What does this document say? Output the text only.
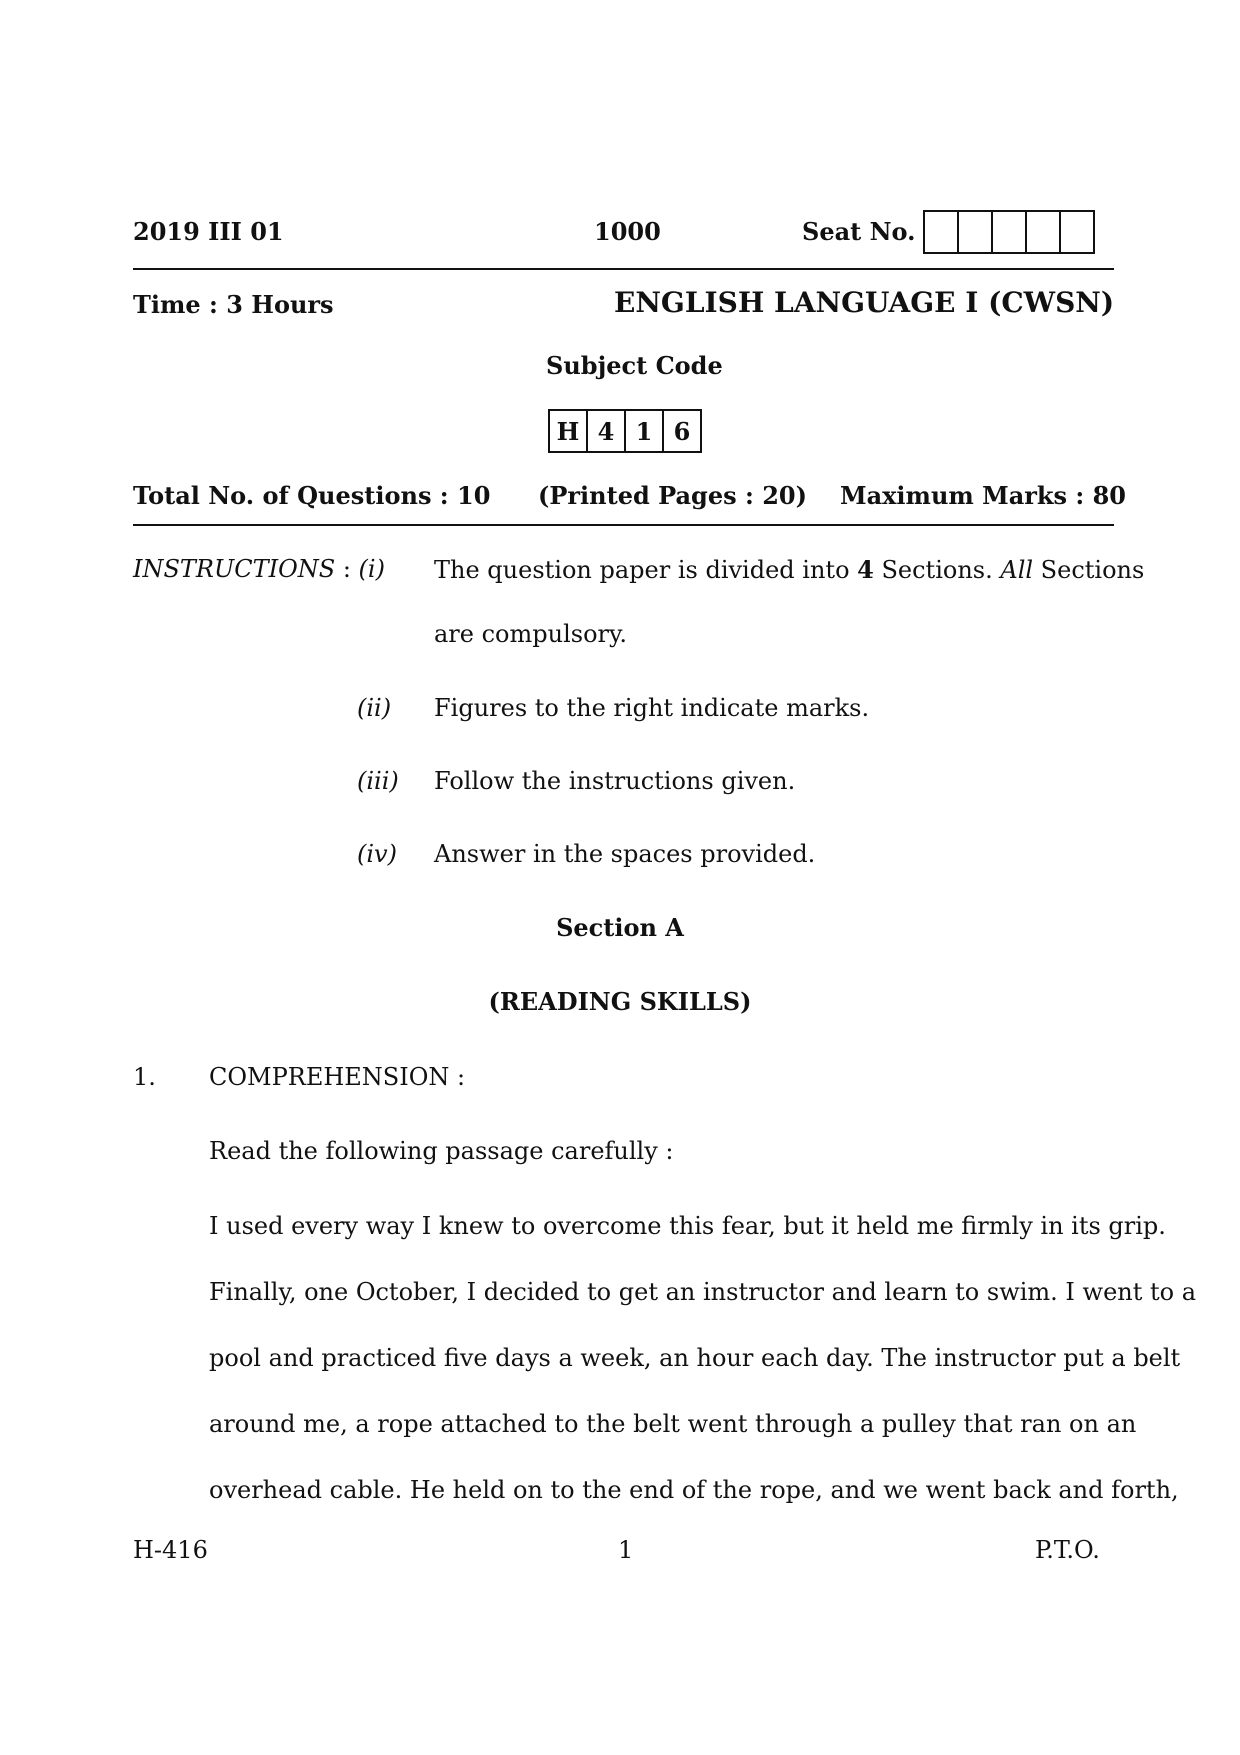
2019 III 01	1000	Seat No.
Time : 3 Hours	ENGLISH LANGUAGE I (CWSN)
Subject Code
H 4 1 6
Total No. of Questions : 10 (Printed Pages : 20) Maximum Marks : 80
INSTRUCTIONS : (i) The question paper is divided into 4 Sections. All Sections
are compulsory.
(ii) Figures to the right indicate marks.
(iii) Follow the instructions given.
(iv) Answer in the spaces provided.
Section A
(READING SKILLS)
1. COMPREHENSION :
Read the following passage carefully :
I used every way I knew to overcome this fear, but it held me firmly in its grip.
Finally, one October, I decided to get an instructor and learn to swim. I went to a
pool and practiced five days a week, an hour each day. The instructor put a belt
around me, a rope attached to the belt went through a pulley that ran on an
overhead cable. He held on to the end of the rope, and we went back and forth,
H-416	1	P.T.O.
